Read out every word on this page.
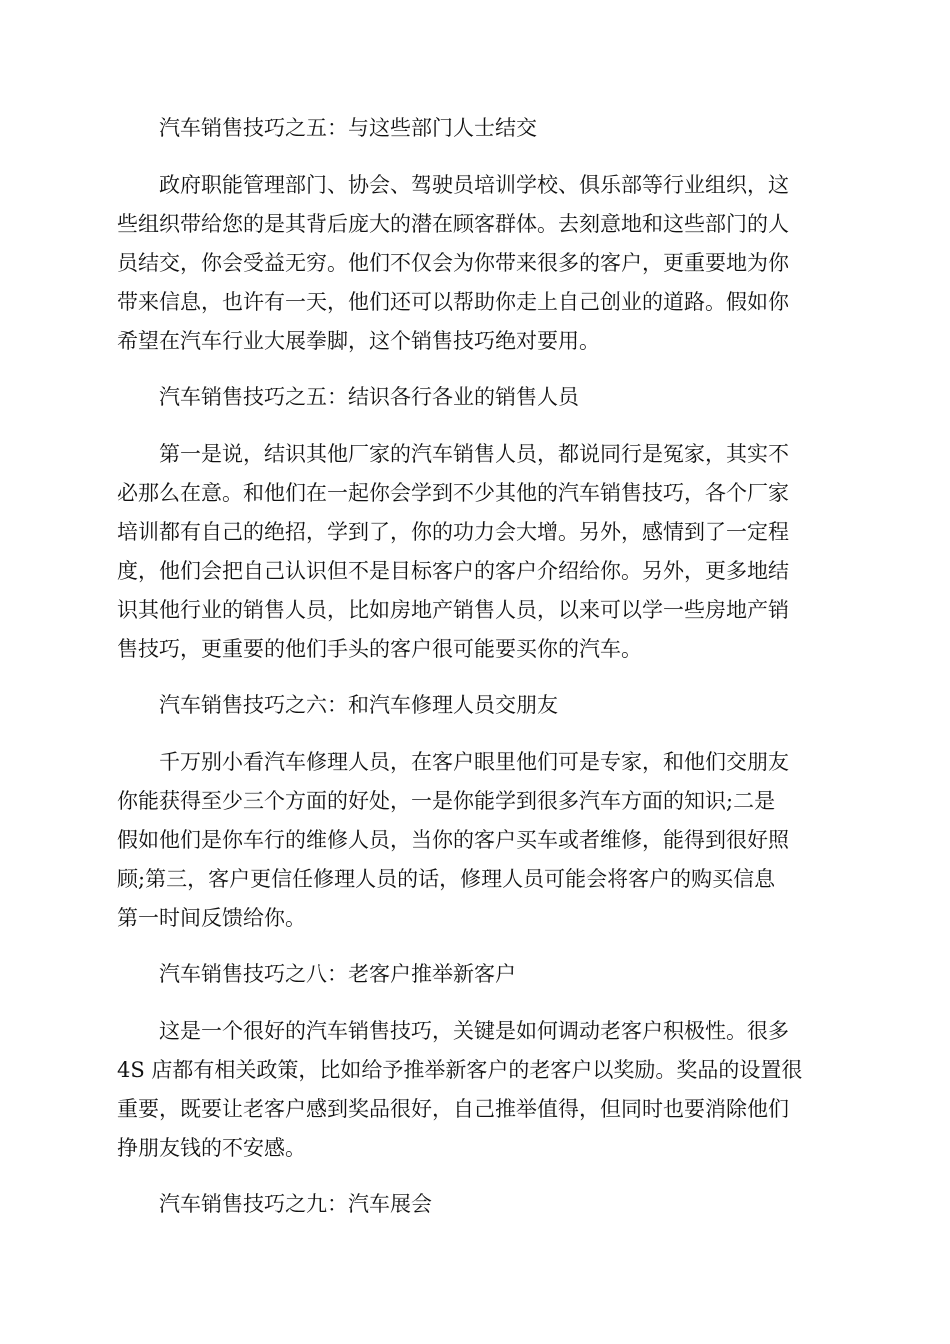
汽车销售技巧之五：与这些部门人士结交
政府职能管理部门、协会、驾驶员培训学校、俱乐部等行业组织，这
些组织带给您的是其背后庞大的潜在顾客群体。去刻意地和这些部门的人
员结交，你会受益无穷。他们不仅会为你带来很多的客户，更重要地为你
带来信息，也许有一天，他们还可以帮助你走上自己创业的道路。假如你
希望在汽车行业大展拳脚，这个销售技巧绝对要用。
汽车销售技巧之五：结识各行各业的销售人员
第一是说，结识其他厂家的汽车销售人员，都说同行是冤家，其实不
必那么在意。和他们在一起你会学到不少其他的汽车销售技巧，各个厂家
培训都有自己的绝招，学到了，你的功力会大增。另外，感情到了一定程
度，他们会把自己认识但不是目标客户的客户介绍给你。另外，更多地结
识其他行业的销售人员，比如房地产销售人员，以来可以学一些房地产销
售技巧，更重要的他们手头的客户很可能要买你的汽车。
汽车销售技巧之六：和汽车修理人员交朋友
千万别小看汽车修理人员，在客户眼里他们可是专家，和他们交朋友
你能获得至少三个方面的好处，一是你能学到很多汽车方面的知识;二是
假如他们是你车行的维修人员，当你的客户买车或者维修，能得到很好照
顾;第三，客户更信任修理人员的话，修理人员可能会将客户的购买信息
第一时间反馈给你。
汽车销售技巧之八：老客户推举新客户
这是一个很好的汽车销售技巧，关键是如何调动老客户积极性。很多
4S 店都有相关政策，比如给予推举新客户的老客户以奖励。奖品的设置很
重要，既要让老客户感到奖品很好，自己推举值得，但同时也要消除他们
挣朋友钱的不安感。
汽车销售技巧之九：汽车展会
